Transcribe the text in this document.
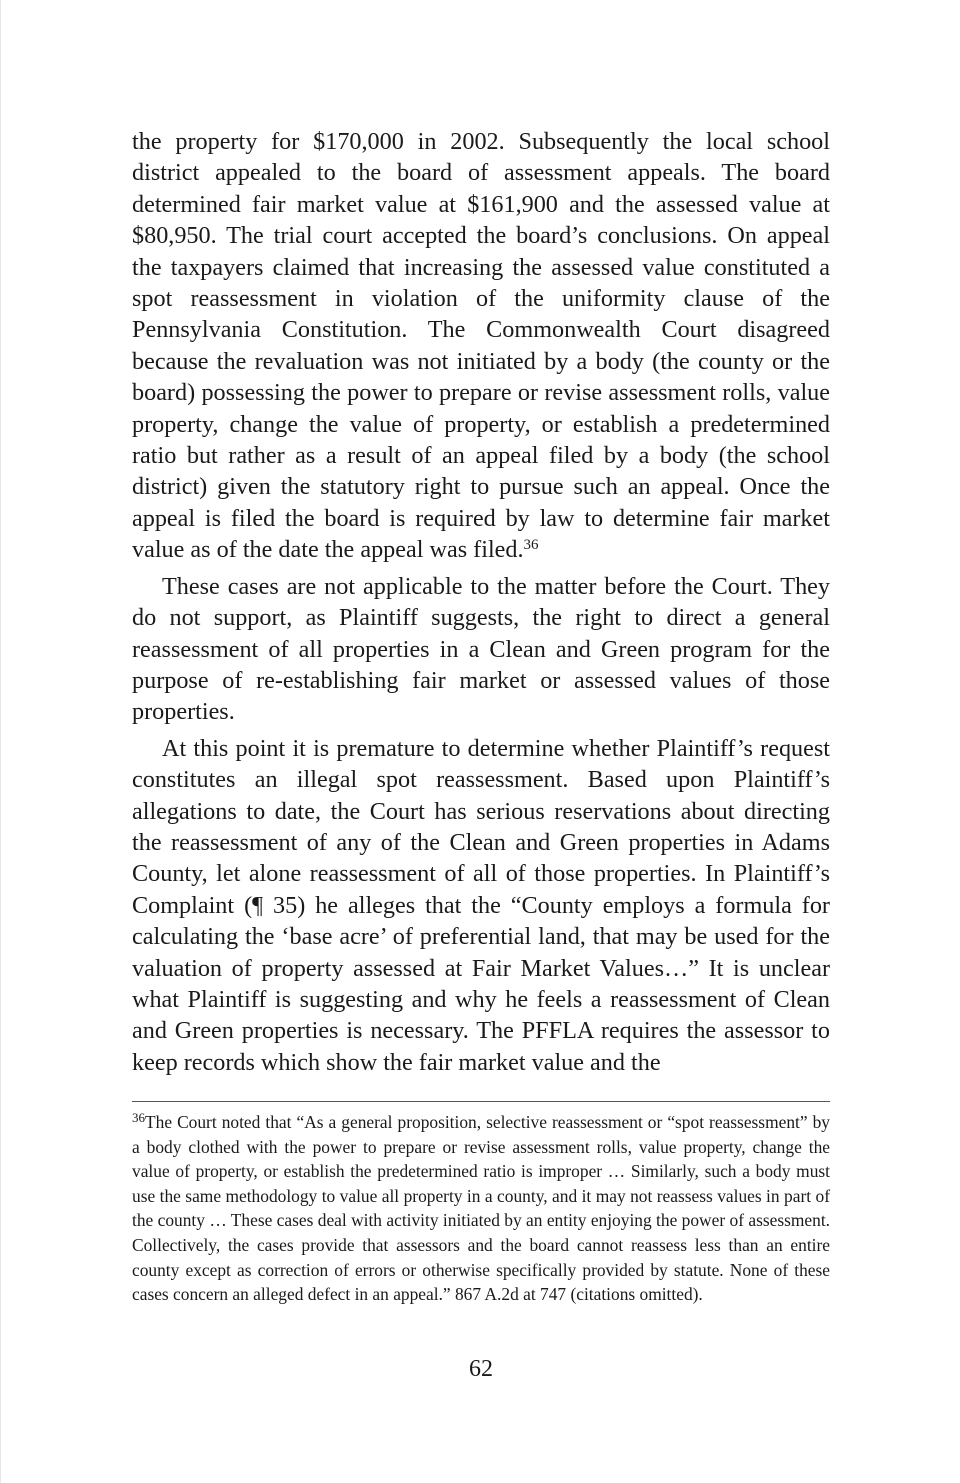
the property for $170,000 in 2002. Subsequently the local school district appealed to the board of assessment appeals. The board determined fair market value at $161,900 and the assessed value at $80,950. The trial court accepted the board’s conclusions. On appeal the taxpayers claimed that increasing the assessed value constituted a spot reassessment in violation of the uniformity clause of the Pennsylvania Constitution. The Commonwealth Court disagreed because the revaluation was not initiated by a body (the county or the board) possessing the power to prepare or revise assessment rolls, value property, change the value of property, or establish a predetermined ratio but rather as a result of an appeal filed by a body (the school district) given the statutory right to pursue such an appeal. Once the appeal is filed the board is required by law to determine fair market value as of the date the appeal was filed.$^{36}$

These cases are not applicable to the matter before the Court. They do not support, as Plaintiff suggests, the right to direct a general reassessment of all properties in a Clean and Green program for the purpose of re-establishing fair market or assessed values of those properties.

At this point it is premature to determine whether Plaintiff’s request constitutes an illegal spot reassessment. Based upon Plaintiff’s allegations to date, the Court has serious reservations about directing the reassessment of any of the Clean and Green properties in Adams County, let alone reassessment of all of those properties. In Plaintiff’s Complaint (¶ 35) he alleges that the “County employs a formula for calculating the ‘base acre’ of preferential land, that may be used for the valuation of property assessed at Fair Market Values…” It is unclear what Plaintiff is suggesting and why he feels a reassessment of Clean and Green properties is necessary. The PFFLA requires the assessor to keep records which show the fair market value and the

$^{36}$The Court noted that “As a general proposition, selective reassessment or “spot reassessment” by a body clothed with the power to prepare or revise assessment rolls, value property, change the value of property, or establish the predetermined ratio is improper … Similarly, such a body must use the same methodology to value all property in a county, and it may not reassess values in part of the county … These cases deal with activity initiated by an entity enjoying the power of assessment. Collectively, the cases provide that assessors and the board cannot reassess less than an entire county except as correction of errors or otherwise specifically provided by statute. None of these cases concern an alleged defect in an appeal.” 867 A.2d at 747 (citations omitted).

62
